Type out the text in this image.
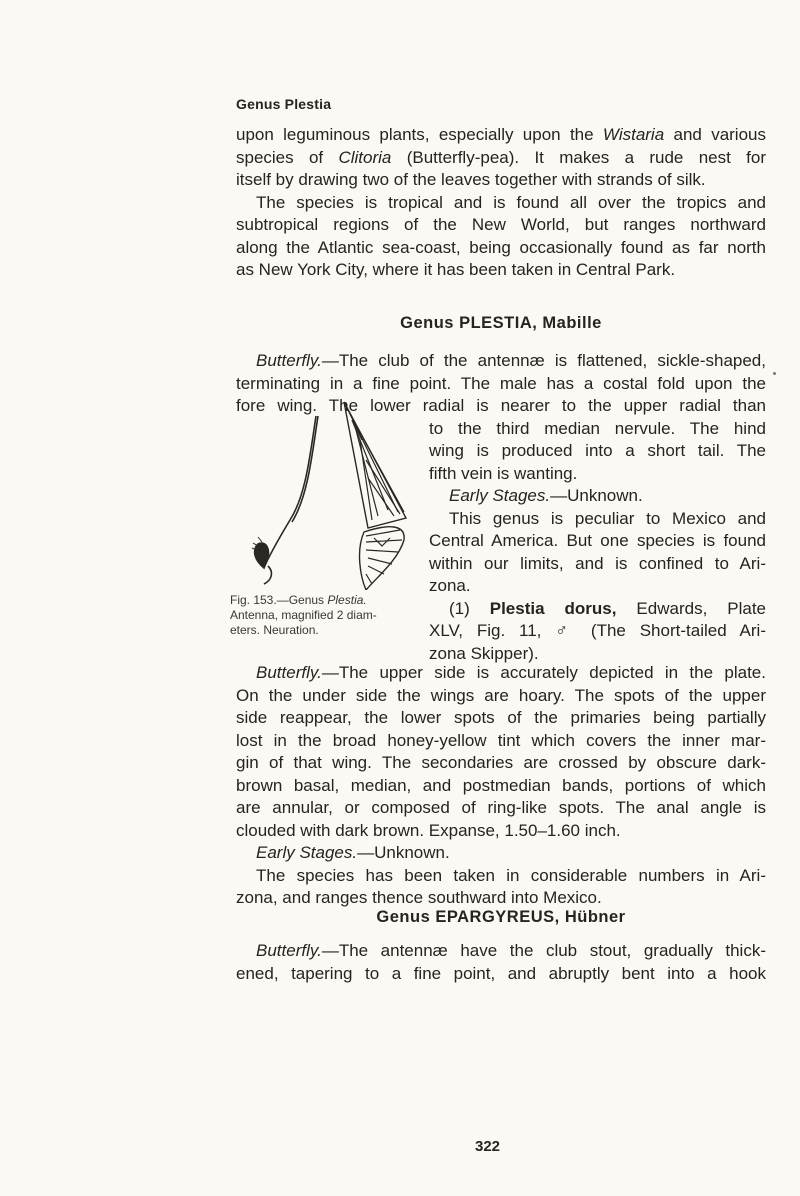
Genus Plestia
upon leguminous plants, especially upon the Wistaria and various
species of Clitoria (Butterfly-pea). It makes a rude nest for
itself by drawing two of the leaves together with strands of silk.
The species is tropical and is found all over the tropics and
subtropical regions of the New World, but ranges northward
along the Atlantic sea-coast, being occasionally found as far north
as New York City, where it has been taken in Central Park.
Genus PLESTIA, Mabille
Butterfly.—The club of the antennæ is flattened, sickle-shaped,
terminating in a fine point. The male has a costal fold upon the
fore wing. The lower radial is nearer to the upper radial than
to the third median nervule. The hind
wing is produced into a short tail. The
fifth vein is wanting.
Early Stages.—Unknown.
This genus is peculiar to Mexico and
Central America. But one species is found
within our limits, and is confined to Ari-
zona.
(1) Plestia dorus, Edwards, Plate
XLV, Fig. 11, ♂ (The Short-tailed Ari-
zona Skipper).
Fig. 153.—Genus Plestia.
Antenna, magnified 2 diam-
eters. Neuration.
Butterfly.—The upper side is accurately depicted in the plate.
On the under side the wings are hoary. The spots of the upper
side reappear, the lower spots of the primaries being partially
lost in the broad honey-yellow tint which covers the inner mar-
gin of that wing. The secondaries are crossed by obscure dark-
brown basal, median, and postmedian bands, portions of which
are annular, or composed of ring-like spots. The anal angle is
clouded with dark brown. Expanse, 1.50–1.60 inch.
Early Stages.—Unknown.
The species has been taken in considerable numbers in Ari-
zona, and ranges thence southward into Mexico.
Genus EPARGYREUS, Hübner
Butterfly.—The antennæ have the club stout, gradually thick-
ened, tapering to a fine point, and abruptly bent into a hook
322
